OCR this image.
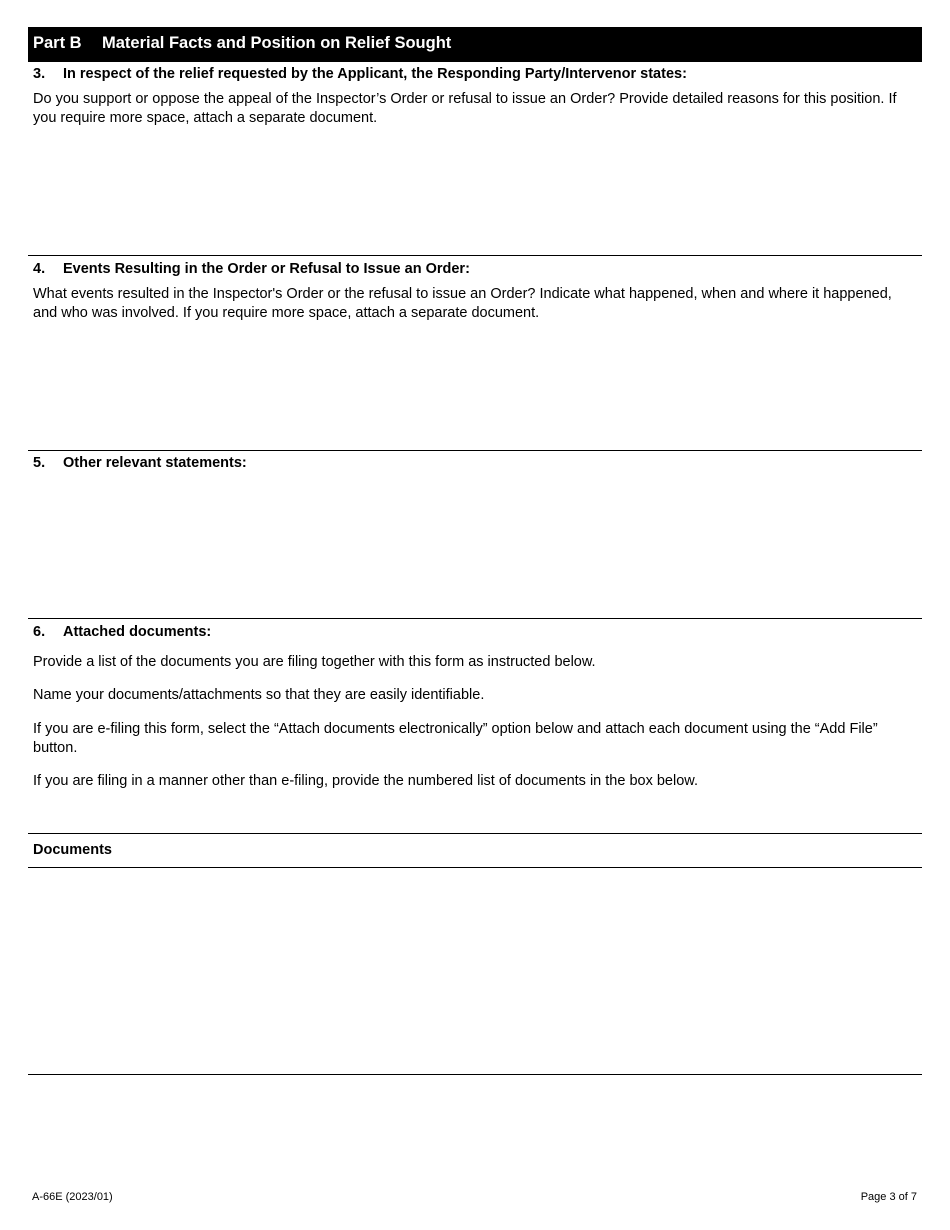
Part B Material Facts and Position on Relief Sought
3. In respect of the relief requested by the Applicant, the Responding Party/Intervenor states:
Do you support or oppose the appeal of the Inspector’s Order or refusal to issue an Order? Provide detailed reasons for this position. If you require more space, attach a separate document.
4. Events Resulting in the Order or Refusal to Issue an Order:
What events resulted in the Inspector's Order or the refusal to issue an Order? Indicate what happened, when and where it happened, and who was involved. If you require more space, attach a separate document.
5. Other relevant statements:
6. Attached documents:
Provide a list of the documents you are filing together with this form as instructed below.
Name your documents/attachments so that they are easily identifiable.
If you are e-filing this form, select the “Attach documents electronically” option below and attach each document using the “Add File” button.
If you are filing in a manner other than e-filing, provide the numbered list of documents in the box below.
Documents
A-66E (2023/01)	Page 3 of 7
